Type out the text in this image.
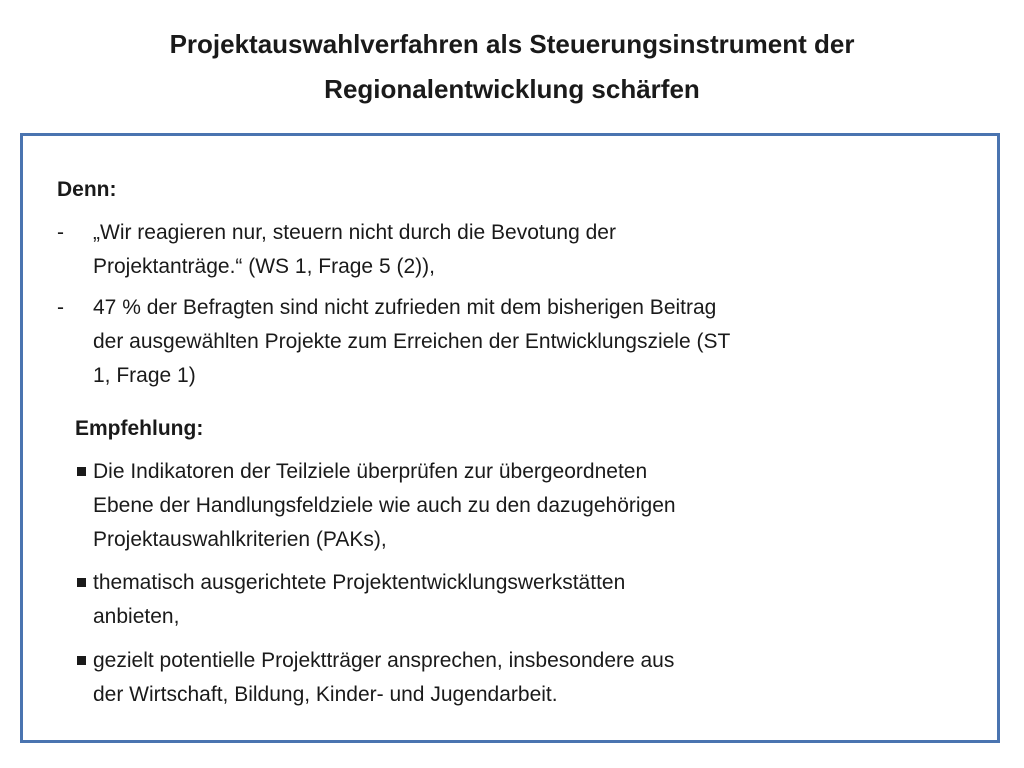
Projektauswahlverfahren als Steuerungsinstrument der
Regionalentwicklung schärfen
Denn:
- „Wir reagieren nur, steuern nicht durch die Bevotung der
Projektanträge.“ (WS 1, Frage 5 (2)),
- 47 % der Befragten sind nicht zufrieden mit dem bisherigen Beitrag
der ausgewählten Projekte zum Erreichen der Entwicklungsziele (ST
1, Frage 1)
Empfehlung:
Die Indikatoren der Teilziele überprüfen zur übergeordneten
Ebene der Handlungsfeldziele wie auch zu den dazugehörigen
Projektauswahlkriterien (PAKs),
thematisch ausgerichtete Projektentwicklungswerkstätten
anbieten,
gezielt potentielle Projektträger ansprechen, insbesondere aus
der Wirtschaft, Bildung, Kinder- und Jugendarbeit.
